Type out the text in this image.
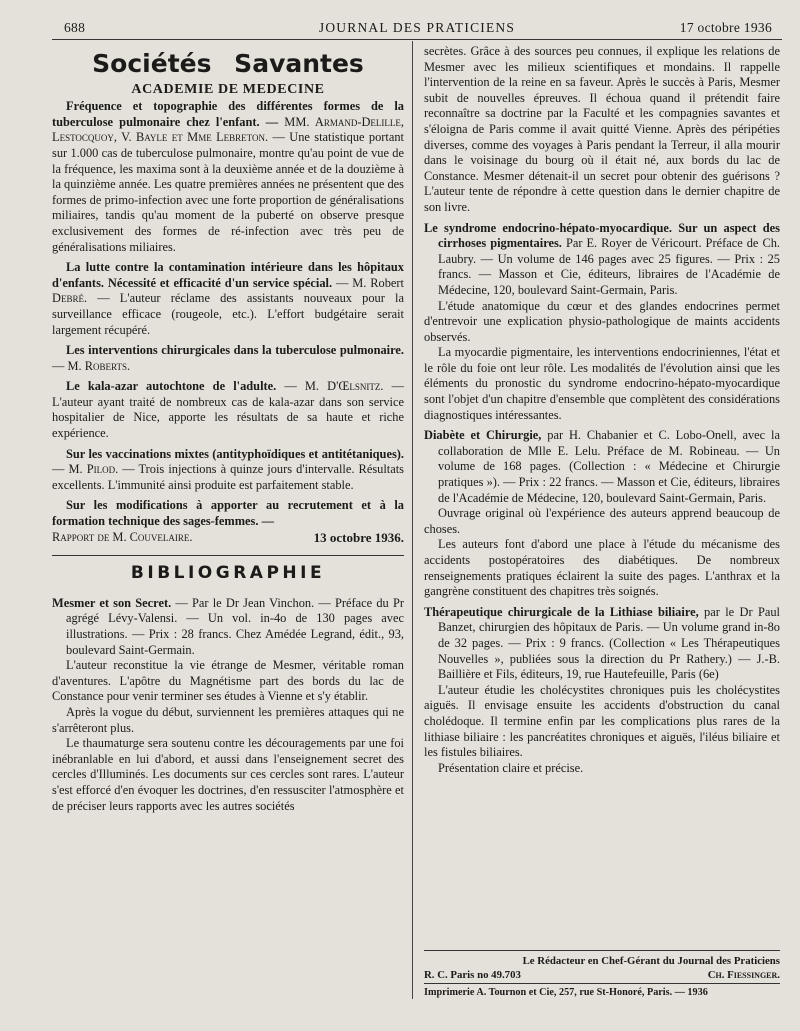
688	JOURNAL DES PRATICIENS	17 octobre 1936
Sociétés Savantes
ACADEMIE DE MEDECINE

Fréquence et topographie des différentes formes de la tuberculose pulmonaire chez l'enfant. — MM. Armand-Delille, Lestocquoy, V. Bayle et Mme Lebreton. — Une statistique portant sur 1.000 cas de tuberculose pulmonaire, montre qu'au point de vue de la fréquence, les maxima sont à la deuxième année et de la douzième à la quinzième année. Les quatre premières années ne présentent que des formes de primo-infection avec une forte proportion de généralisations miliaires, tandis qu'au moment de la puberté on observe presque exclusivement des formes de ré-infection avec très peu de généralisations miliaires.

La lutte contre la contamination intérieure dans les hôpitaux d'enfants. Nécessité et efficacité d'un service spécial. — M. Robert Debré. — L'auteur réclame des assistants nouveaux pour la surveillance efficace (rougeole, etc.). L'effort budgétaire serait largement récupéré.

Les interventions chirurgicales dans la tuberculose pulmonaire. — M. Roberts.

Le kala-azar autochtone de l'adulte. — M. D'Œlsnitz. — L'auteur ayant traité de nombreux cas de kala-azar dans son service hospitalier de Nice, apporte les résultats de sa haute et riche expérience.

Sur les vaccinations mixtes (antityphoïdiques et antitétaniques). — M. Pilod. — Trois injections à quinze jours d'intervalle. Résultats excellents. L'immunité ainsi produite est parfaitement stable.

Sur les modifications à apporter au recrutement et à la formation technique des sages-femmes. —

Rapport de M. Couvelaire.	13 octobre 1936.
BIBLIOGRAPHIE

Mesmer et son Secret. — Par le Dr Jean Vinchon. — Préface du Pr agrégé Lévy-Valensi. — Un vol. in-4o de 130 pages avec illustrations. — Prix : 28 francs. Chez Amédée Legrand, édit., 93, boulevard Saint-Germain.

L'auteur reconstitue la vie étrange de Mesmer, véritable roman d'aventures. L'apôtre du Magnétisme part des bords du lac de Constance pour venir terminer ses études à Vienne et s'y établir.

Après la vogue du début, surviennent les premières attaques qui ne s'arrêteront plus.

Le thaumaturge sera soutenu contre les découragements par une foi inébranlable en lui d'abord, et aussi dans l'enseignement secret des cercles d'Illuminés. Les documents sur ces cercles sont rares. L'auteur s'est efforcé d'en évoquer les doctrines, d'en ressusciter l'atmosphère et de préciser leurs rapports avec les autres sociétés

secrètes. Grâce à des sources peu connues, il explique les relations de Mesmer avec les milieux scientifiques et mondains. Il rappelle l'intervention de la reine en sa faveur. Après le succès à Paris, Mesmer subit de nouvelles épreuves. Il échoua quand il prétendit faire reconnaître sa doctrine par la Faculté et les compagnies savantes et s'éloigna de Paris comme il avait quitté Vienne. Après des péripéties diverses, comme des voyages à Paris pendant la Terreur, il alla mourir dans le voisinage du bourg où il était né, aux bords du lac de Constance. Mesmer détenait-il un secret pour obtenir des guérisons ? L'auteur tente de répondre à cette question dans le dernier chapitre de son livre.

Le syndrome endocrino-hépato-myocardique. Sur un aspect des cirrhoses pigmentaires. Par E. Royer de Véricourt. Préface de Ch. Laubry. — Un volume de 146 pages avec 25 figures. — Prix : 25 francs. — Masson et Cie, éditeurs, libraires de l'Académie de Médecine, 120, boulevard Saint-Germain, Paris.

L'étude anatomique du cœur et des glandes endocrines permet d'entrevoir une explication physio-pathologique de maints accidents observés.

La myocardie pigmentaire, les interventions endocriniennes, l'état et le rôle du foie ont leur rôle. Les modalités de l'évolution ainsi que les éléments du pronostic du syndrome endocrino-hépato-myocardique sont l'objet d'un chapitre d'ensemble que complètent des considérations diagnostiques intéressantes.

Diabète et Chirurgie, par H. Chabanier et C. Lobo-Onell, avec la collaboration de Mlle E. Lelu. Préface de M. Robineau. — Un volume de 168 pages. (Collection : « Médecine et Chirurgie pratiques »). — Prix : 22 francs. — Masson et Cie, éditeurs, libraires de l'Académie de Médecine, 120, boulevard Saint-Germain, Paris.

Ouvrage original où l'expérience des auteurs apprend beaucoup de choses.

Les auteurs font d'abord une place à l'étude du mécanisme des accidents postopératoires des diabétiques. De nombreux renseignements pratiques éclairent la suite des pages. L'anthrax et la gangrène constituent des chapitres très soignés.

Thérapeutique chirurgicale de la Lithiase biliaire, par le Dr Paul Banzet, chirurgien des hôpitaux de Paris. — Un volume grand in-8o de 32 pages. — Prix : 9 francs. (Collection « Les Thérapeutiques Nouvelles », publiées sous la direction du Pr Rathery.) — J.-B. Baillière et Fils, éditeurs, 19, rue Hautefeuille, Paris (6e)

L'auteur étudie les cholécystites chroniques puis les cholécystites aiguës. Il envisage ensuite les accidents d'obstruction du canal cholédoque. Il termine enfin par les complications plus rares de la lithiase biliaire : les pancréatites chroniques et aiguës, l'iléus biliaire et les fistules biliaires.

Présentation claire et précise.

Le Rédacteur en Chef-Gérant du Journal des Praticiens
R. C. Paris no 49.703	Ch. Fiessinger.
Imprimerie A. Tournon et Cie, 257, rue St-Honoré, Paris. — 1936
